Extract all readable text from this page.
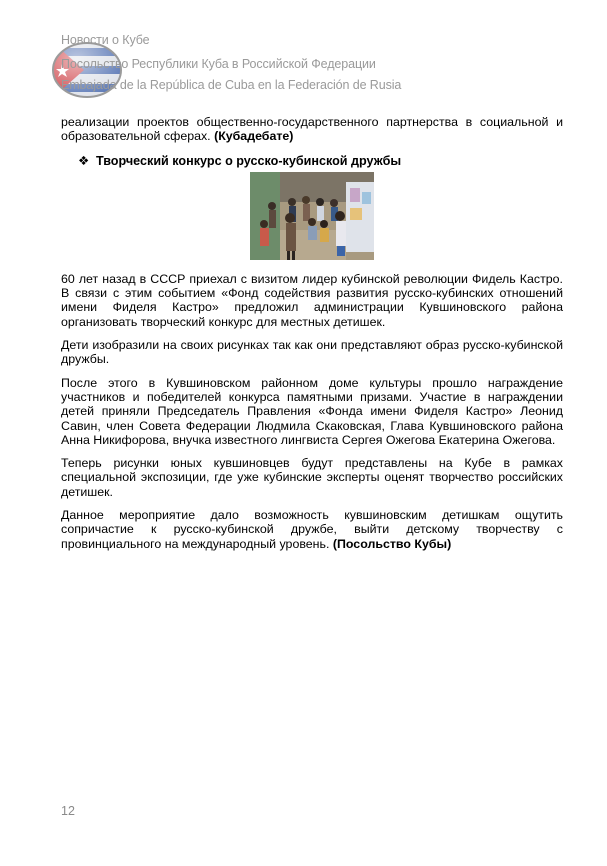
Новости о Кубе
Посольство Республики Куба в Российской Федерации
Embajada de la República de Cuba en la Federación de Rusia

реализации проектов общественно-государственного партнерства в социальной и образовательной сферах. (Кубадебате)

❖ Творческий конкурс о русско-кубинской дружбы

60 лет назад в СССР приехал с визитом лидер кубинской революции Фидель Кастро. В связи с этим событием «Фонд содействия развития русско-кубинских отношений имени Фиделя Кастро» предложил администрации Кувшиновского района организовать творческий конкурс для местных детишек.

Дети изобразили на своих рисунках так как они представляют образ русско-кубинской дружбы.

После этого в Кувшиновском районном доме культуры прошло награждение участников и победителей конкурса памятными призами. Участие в награждении детей приняли Председатель Правления «Фонда имени Фиделя Кастро» Леонид Савин, член Совета Федерации Людмила Скаковская, Глава Кувшиновского района Анна Никифорова, внучка известного лингвиста Сергея Ожегова Екатерина Ожегова.

Теперь рисунки юных кувшиновцев будут представлены на Кубе в рамках специальной экспозиции, где уже кубинские эксперты оценят творчество российских детишек.

Данное мероприятие дало возможность кувшиновским детишкам ощутить сопричастие к русско-кубинской дружбе, выйти детскому творчеству с провинциального на международный уровень. (Посольство Кубы)

12
